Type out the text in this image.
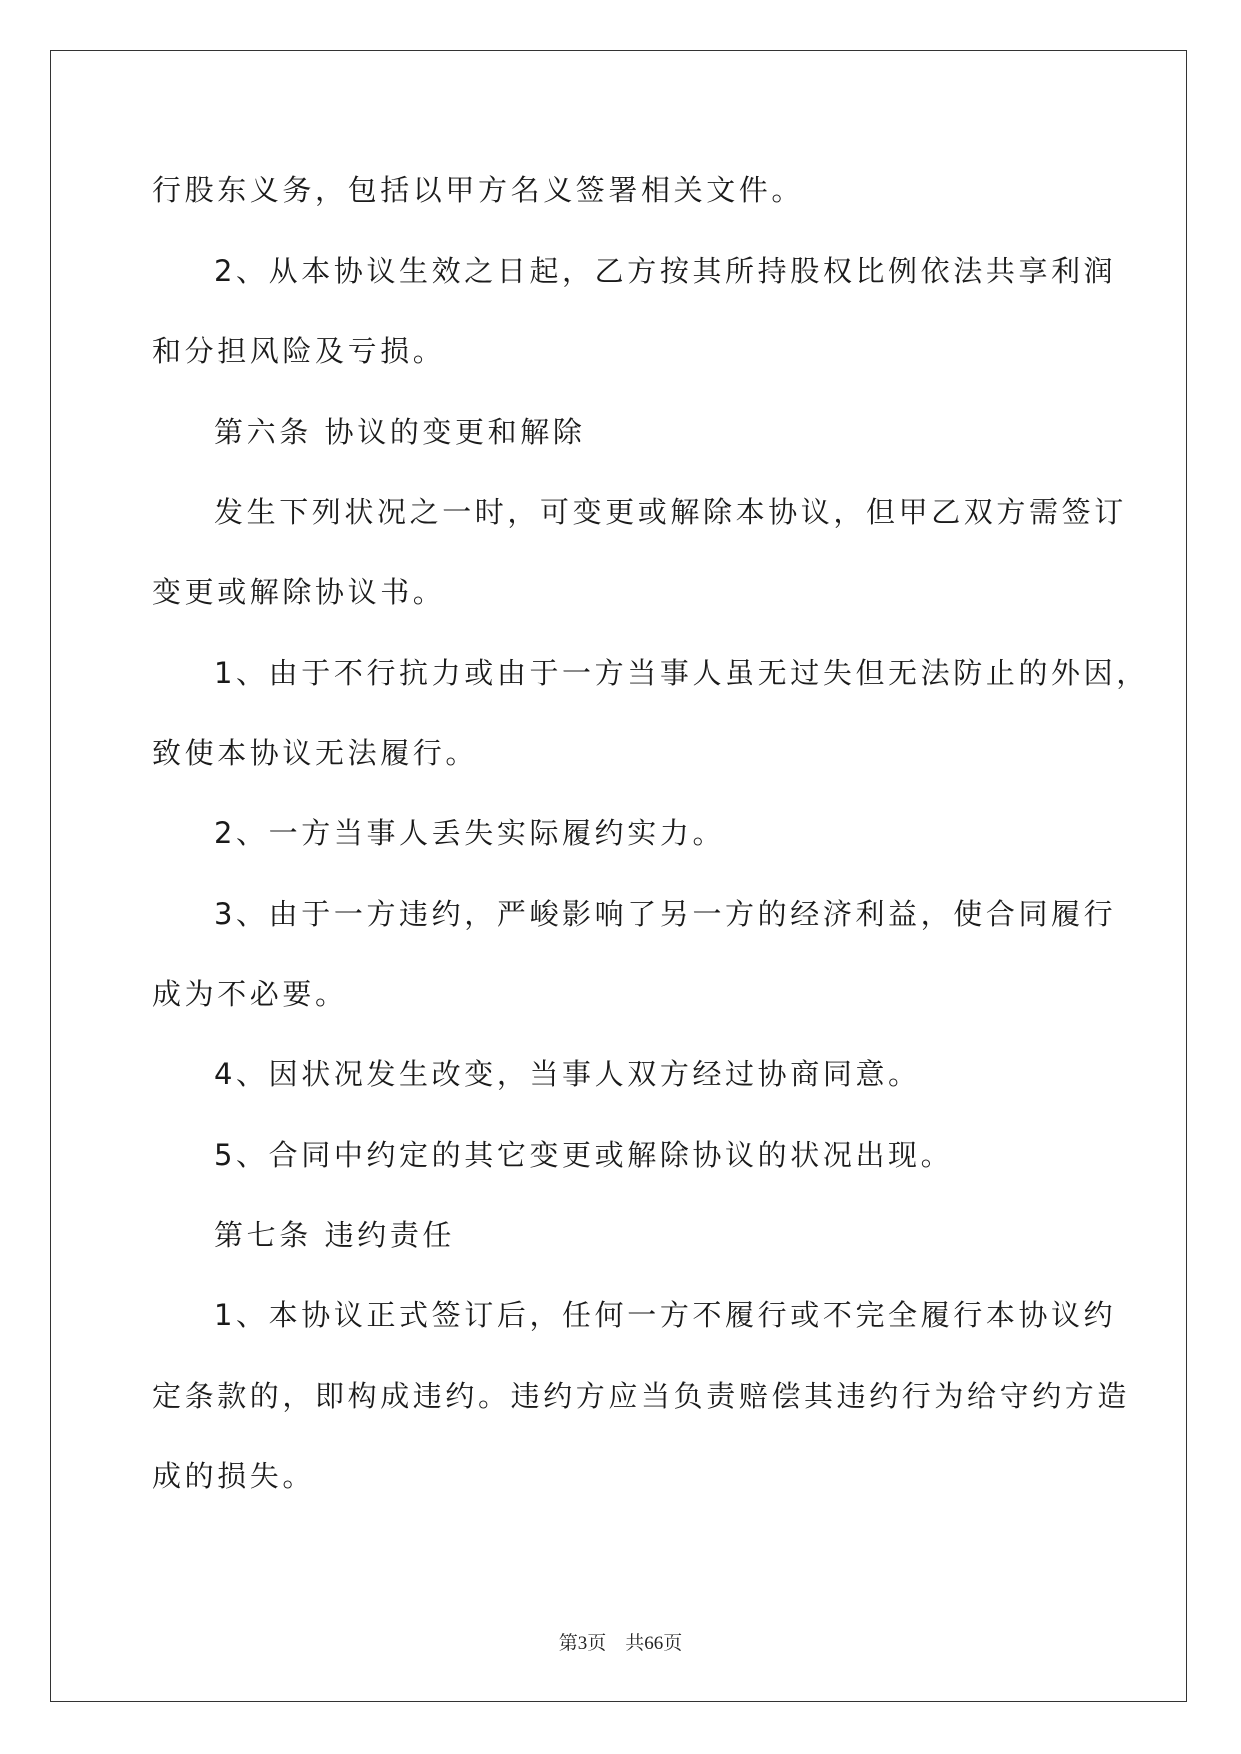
行股东义务，包括以甲方名义签署相关文件。

2、从本协议生效之日起，乙方按其所持股权比例依法共享利润

和分担风险及亏损。

第六条 协议的变更和解除

发生下列状况之一时，可变更或解除本协议，但甲乙双方需签订

变更或解除协议书。

1、由于不行抗力或由于一方当事人虽无过失但无法防止的外因，

致使本协议无法履行。

2、一方当事人丢失实际履约实力。

3、由于一方违约，严峻影响了另一方的经济利益，使合同履行

成为不必要。

4、因状况发生改变，当事人双方经过协商同意。

5、合同中约定的其它变更或解除协议的状况出现。

第七条 违约责任

1、本协议正式签订后，任何一方不履行或不完全履行本协议约

定条款的，即构成违约。违约方应当负责赔偿其违约行为给守约方造

成的损失。

第3页    共66页
